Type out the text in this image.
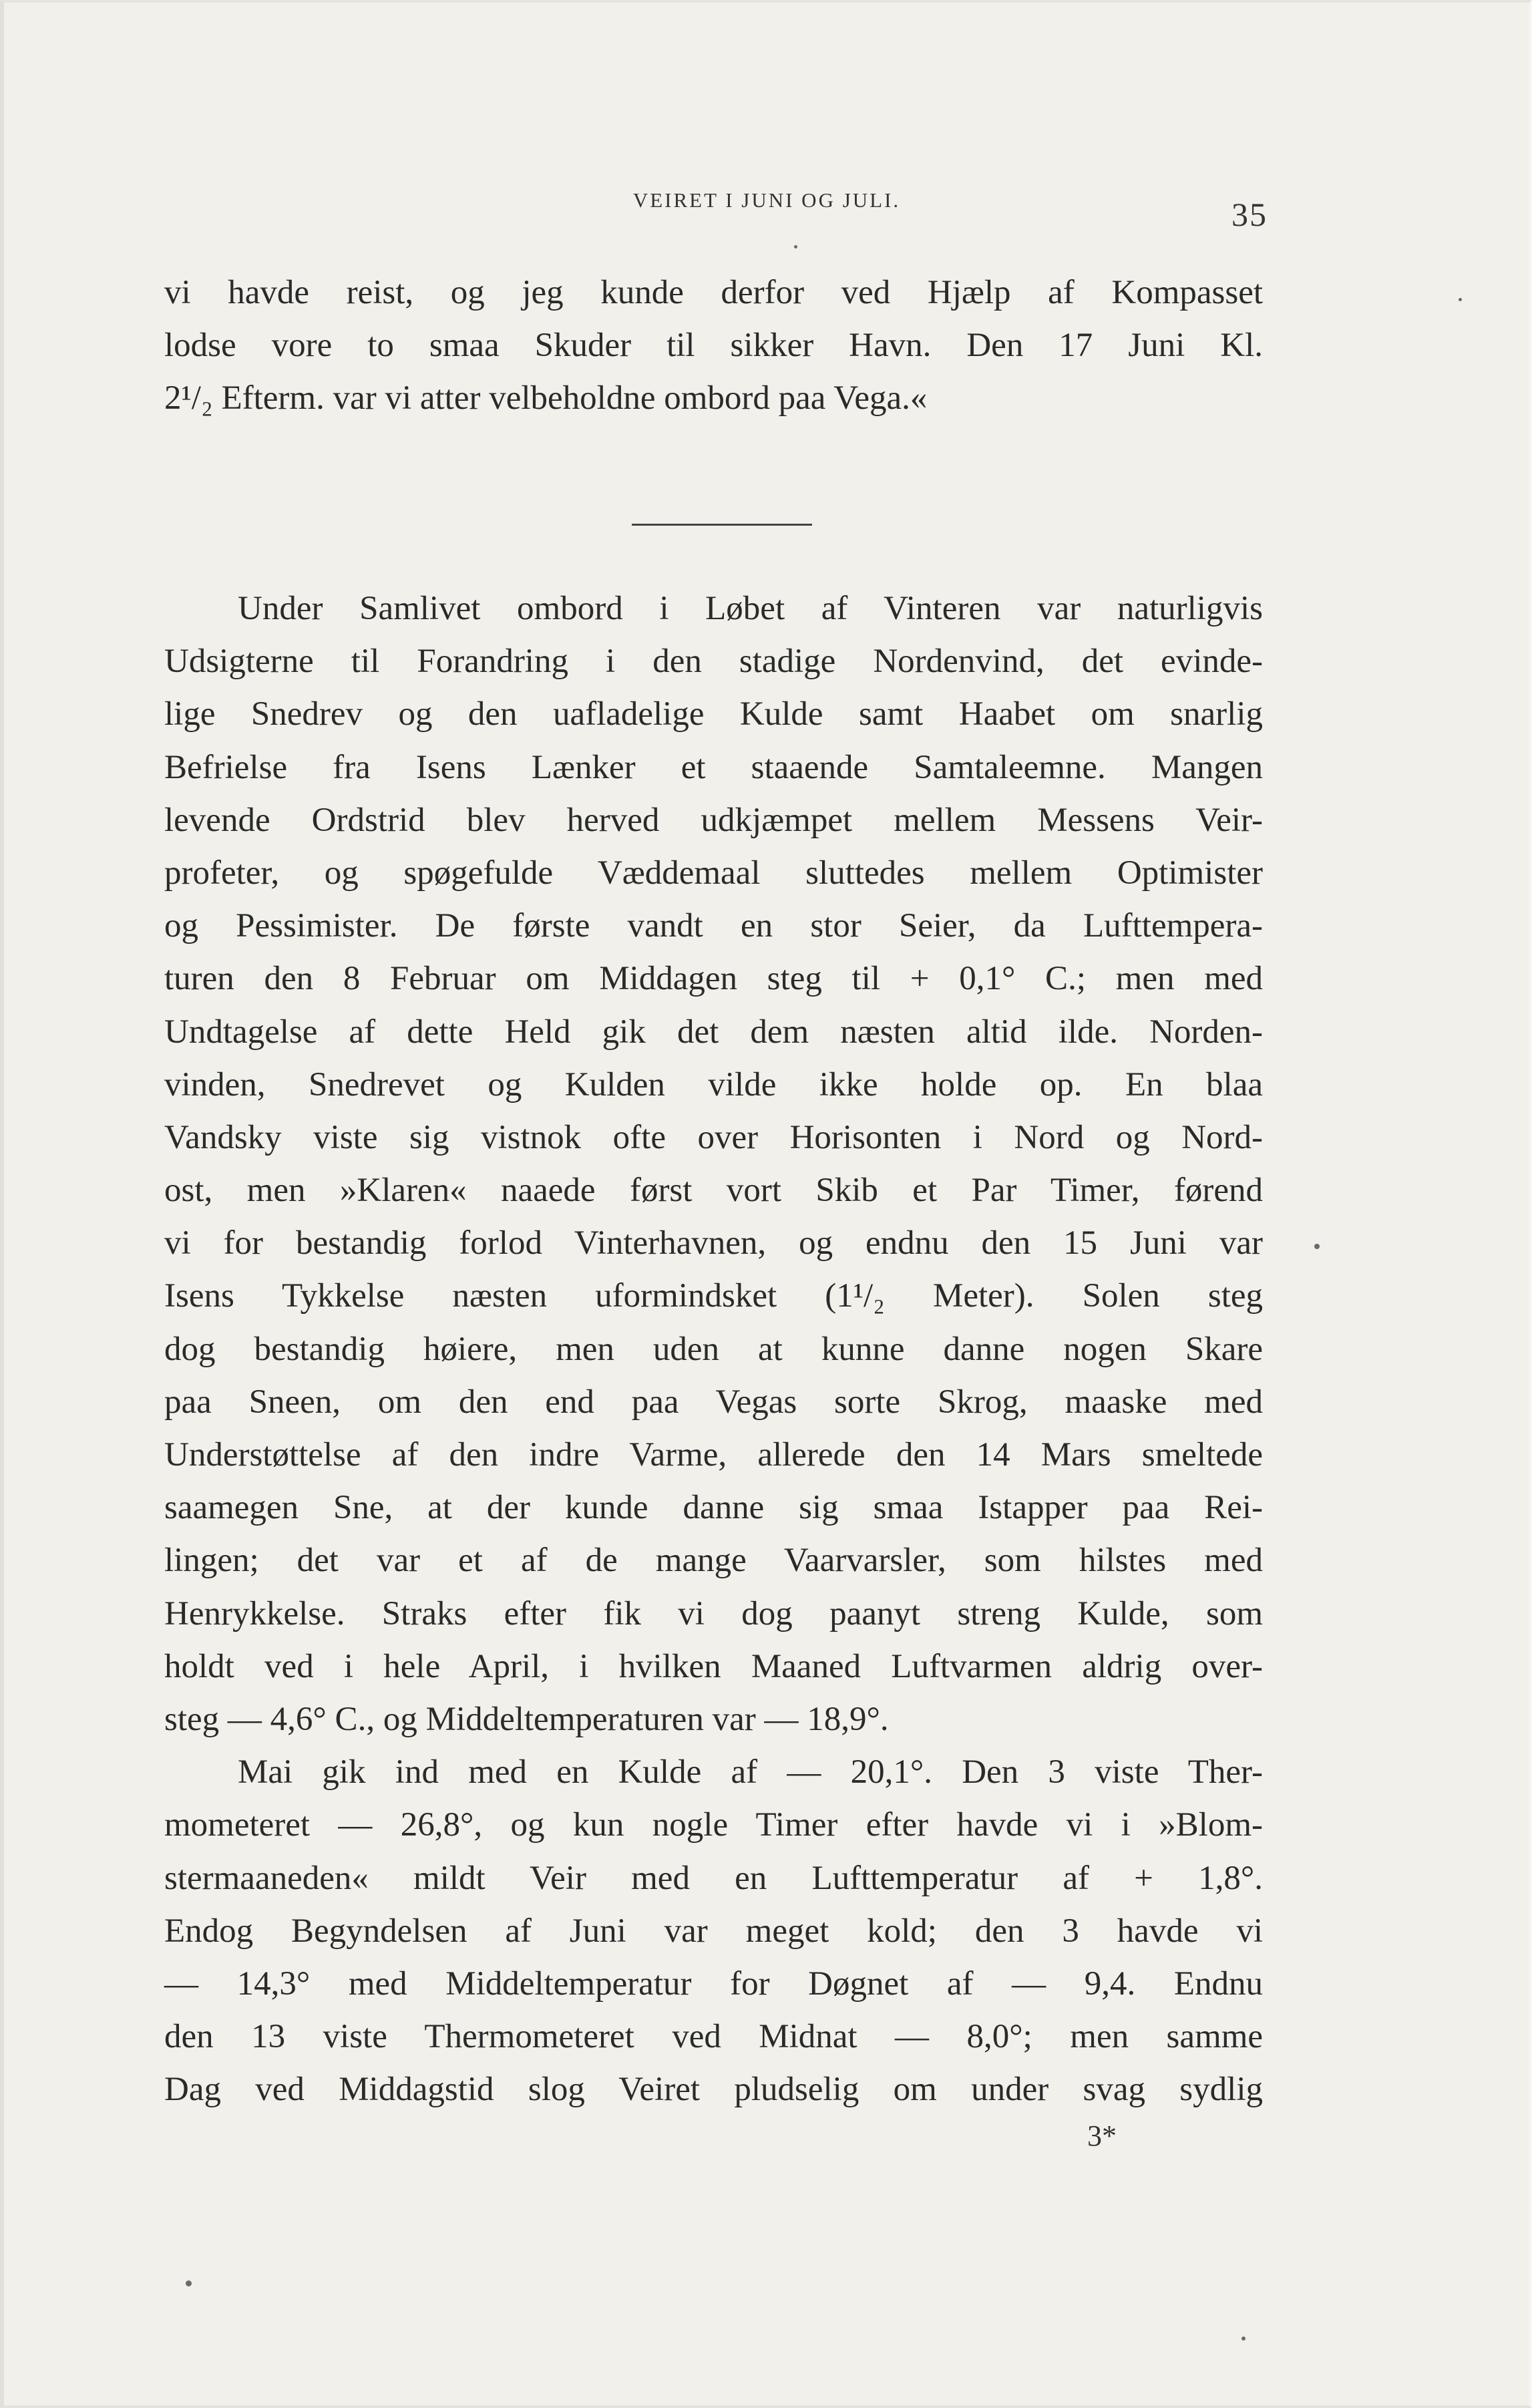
VEIRET I JUNI OG JULI.	35
vi havde reist, og jeg kunde derfor ved Hjælp af Kompasset
lodse vore to smaa Skuder til sikker Havn. Den 17 Juni Kl.
2¹/₂ Efterm. var vi atter velbeholdne ombord paa Vega.«
Under Samlivet ombord i Løbet af Vinteren var naturligvis
Udsigterne til Forandring i den stadige Nordenvind, det evinde-
lige Snedrev og den uafladelige Kulde samt Haabet om snarlig
Befrielse fra Isens Lænker et staaende Samtaleemne. Mangen
levende Ordstrid blev herved udkjæmpet mellem Messens Veir-
profeter, og spøgefulde Væddemaal sluttedes mellem Optimister
og Pessimister. De første vandt en stor Seier, da Lufttempera-
turen den 8 Februar om Middagen steg til + 0,1° C.; men med
Undtagelse af dette Held gik det dem næsten altid ilde. Norden-
vinden, Snedrevet og Kulden vilde ikke holde op. En blaa
Vandsky viste sig vistnok ofte over Horisonten i Nord og Nord-
ost, men »Klaren« naaede først vort Skib et Par Timer, førend
vi for bestandig forlod Vinterhavnen, og endnu den 15 Juni var
Isens Tykkelse næsten uformindsket (1¹/₂ Meter). Solen steg
dog bestandig høiere, men uden at kunne danne nogen Skare
paa Sneen, om den end paa Vegas sorte Skrog, maaske med
Understøttelse af den indre Varme, allerede den 14 Mars smeltede
saamegen Sne, at der kunde danne sig smaa Istapper paa Rei-
lingen; det var et af de mange Vaarvarsler, som hilstes med
Henrykkelse. Straks efter fik vi dog paanyt streng Kulde, som
holdt ved i hele April, i hvilken Maaned Luftvarmen aldrig over-
steg — 4,6° C., og Middeltemperaturen var — 18,9°.
Mai gik ind med en Kulde af — 20,1°. Den 3 viste Ther-
mometeret — 26,8°, og kun nogle Timer efter havde vi i »Blom-
stermaaneden« mildt Veir med en Lufttemperatur af + 1,8°.
Endog Begyndelsen af Juni var meget kold; den 3 havde vi
— 14,3° med Middeltemperatur for Døgnet af — 9,4. Endnu
den 13 viste Thermometeret ved Midnat — 8,0°; men samme
Dag ved Middagstid slog Veiret pludselig om under svag sydlig
3*
